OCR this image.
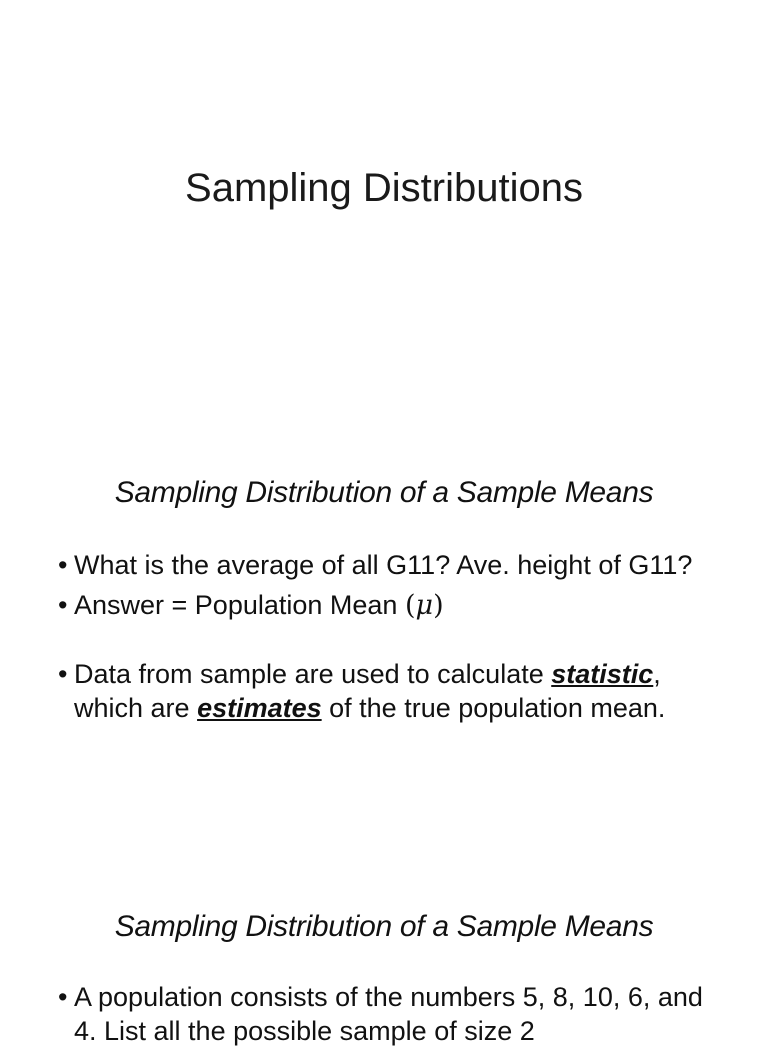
Sampling Distributions
Sampling Distribution of a Sample Means
• What is the average of all G11? Ave. height of G11?
• Answer = Population Mean (μ)
• Data from sample are used to calculate statistic, which are estimates of the true population mean.
Sampling Distribution of a Sample Means
• A population consists of the numbers 5, 8, 10, 6, and 4. List all the possible sample of size 2
